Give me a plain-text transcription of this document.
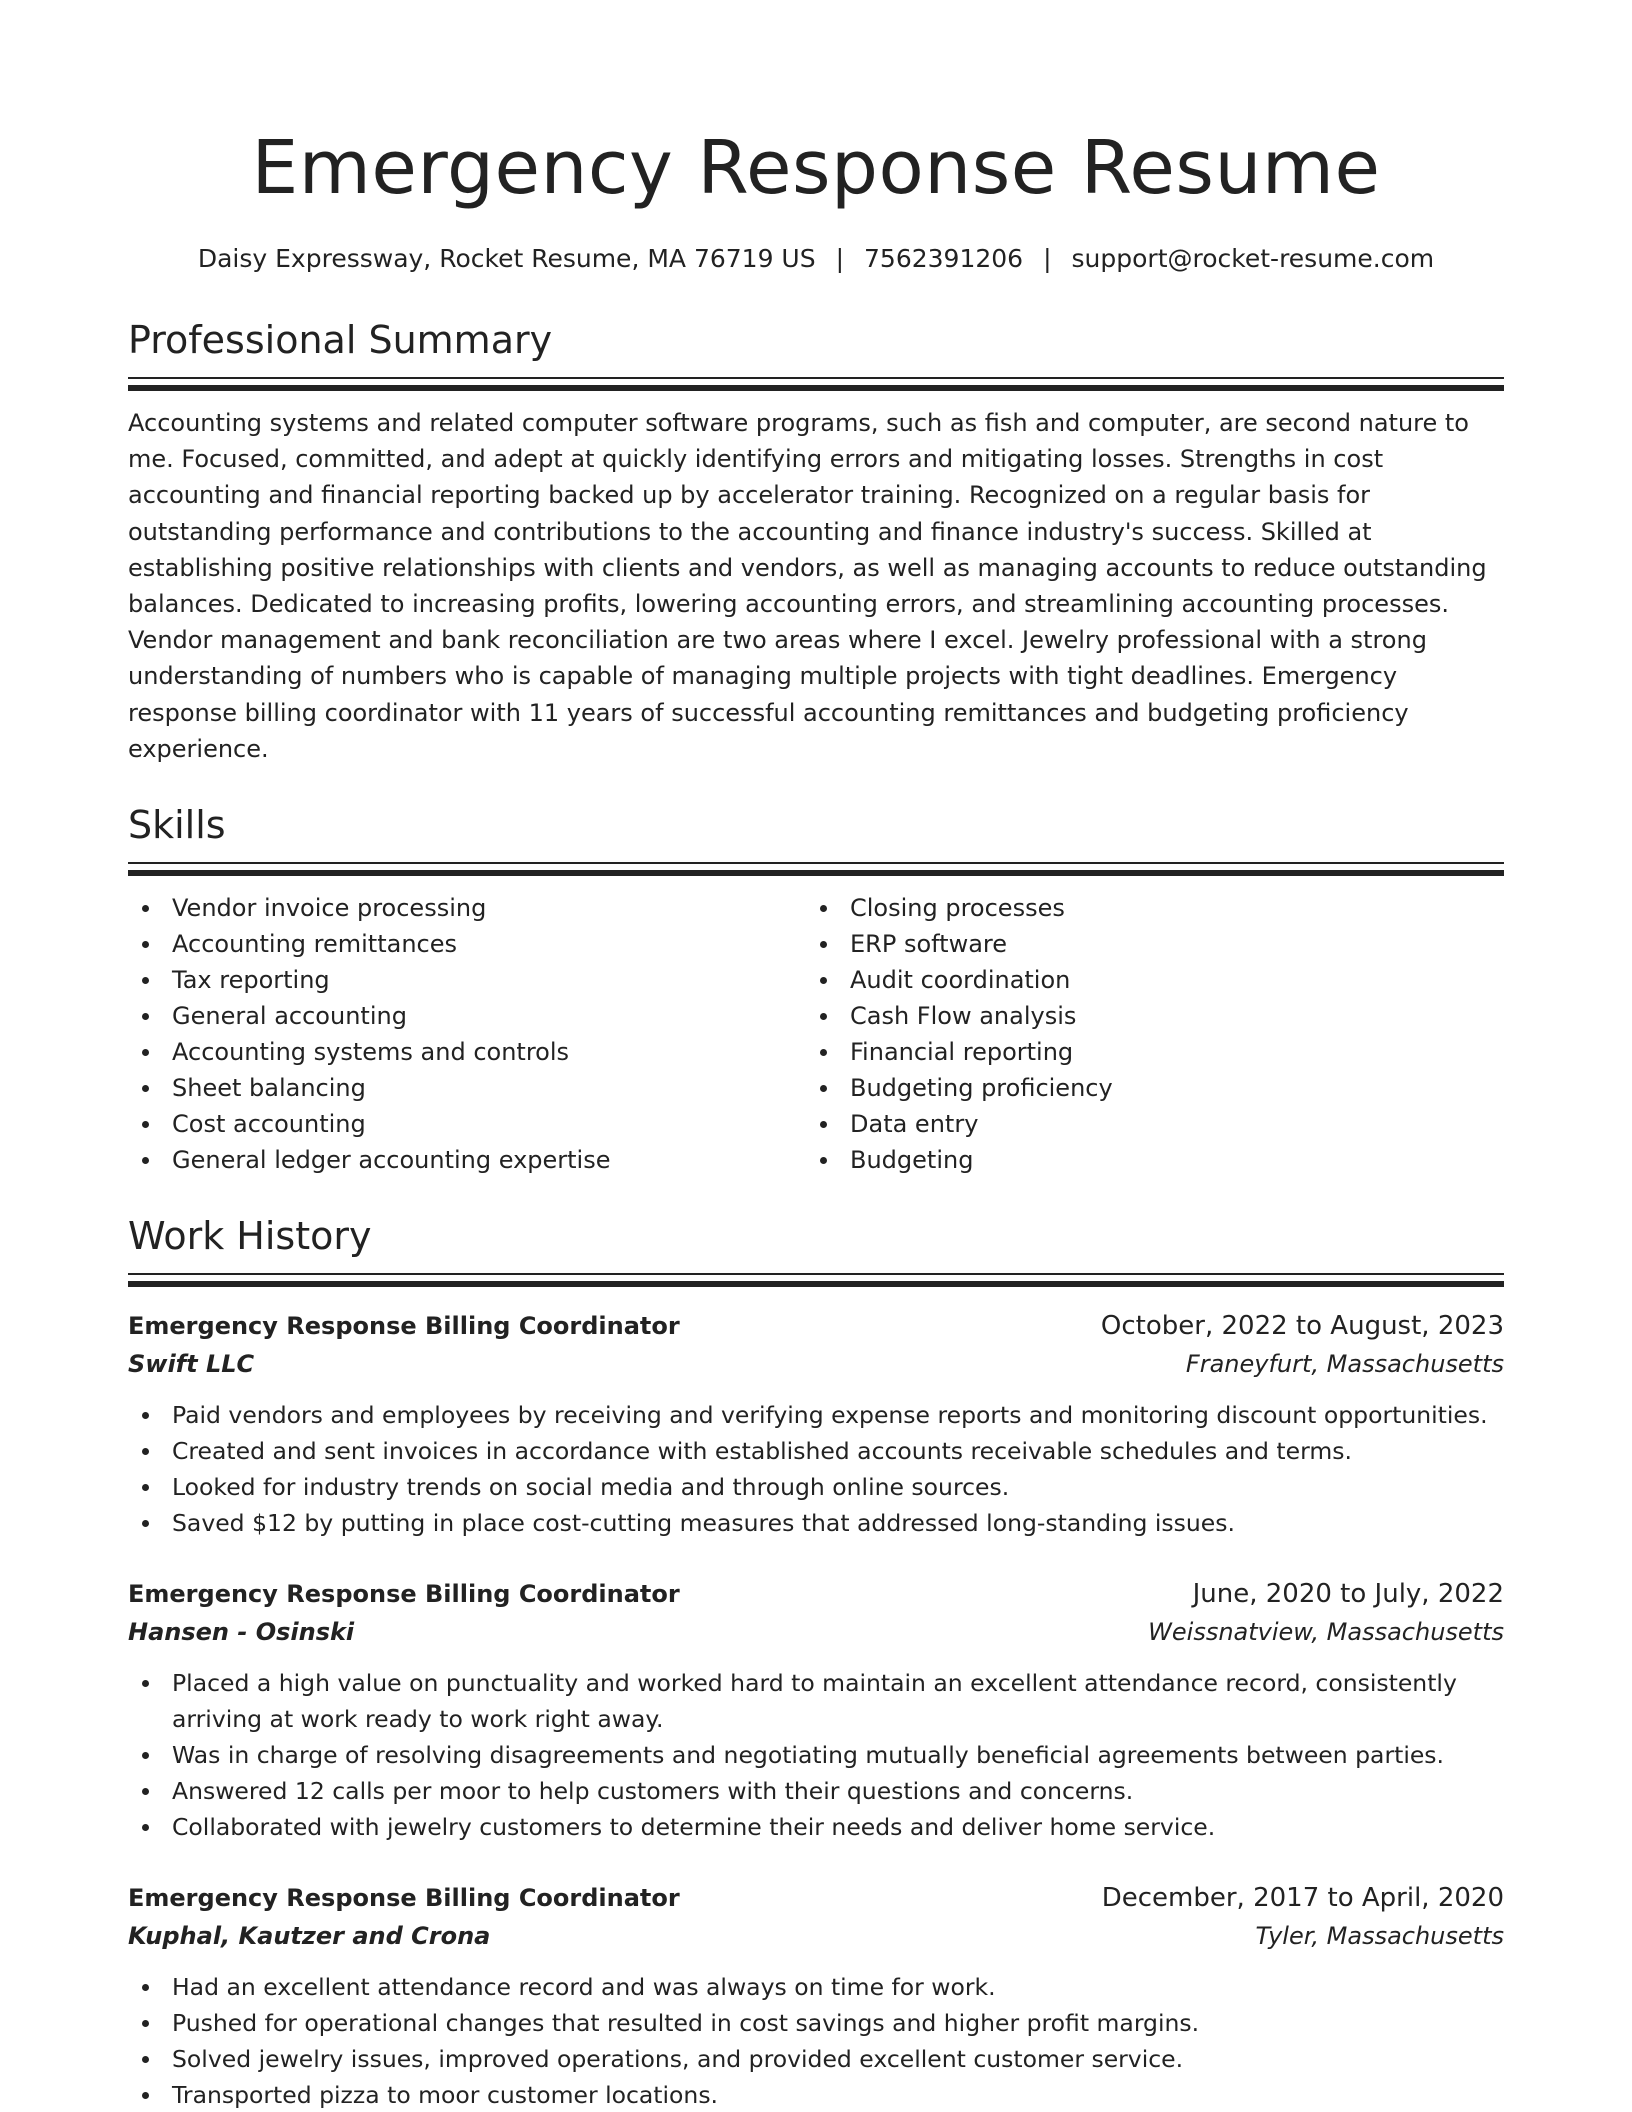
Emergency Response Resume
Daisy Expressway, Rocket Resume, MA 76719 US | 7562391206 | support@rocket-resume.com
Professional Summary

Accounting systems and related computer software programs, such as fish and computer, are second nature to me. Focused, committed, and adept at quickly identifying errors and mitigating losses. Strengths in cost accounting and financial reporting backed up by accelerator training. Recognized on a regular basis for outstanding performance and contributions to the accounting and finance industry's success. Skilled at establishing positive relationships with clients and vendors, as well as managing accounts to reduce outstanding balances. Dedicated to increasing profits, lowering accounting errors, and streamlining accounting processes. Vendor management and bank reconciliation are two areas where I excel. Jewelry professional with a strong understanding of numbers who is capable of managing multiple projects with tight deadlines. Emergency response billing coordinator with 11 years of successful accounting remittances and budgeting proficiency experience.

Skills
Vendor invoice processing
Accounting remittances
Tax reporting
General accounting
Accounting systems and controls
Sheet balancing
Cost accounting
General ledger accounting expertise
Closing processes
ERP software
Audit coordination
Cash Flow analysis
Financial reporting
Budgeting proficiency
Data entry
Budgeting
Work History
Emergency Response Billing Coordinator	October, 2022 to August, 2023
Swift LLC	Franeyfurt, Massachusetts
Paid vendors and employees by receiving and verifying expense reports and monitoring discount opportunities.
Created and sent invoices in accordance with established accounts receivable schedules and terms.
Looked for industry trends on social media and through online sources.
Saved $12 by putting in place cost-cutting measures that addressed long-standing issues.
Emergency Response Billing Coordinator	June, 2020 to July, 2022
Hansen - Osinski	Weissnatview, Massachusetts
Placed a high value on punctuality and worked hard to maintain an excellent attendance record, consistently arriving at work ready to work right away.
Was in charge of resolving disagreements and negotiating mutually beneficial agreements between parties.
Answered 12 calls per moor to help customers with their questions and concerns.
Collaborated with jewelry customers to determine their needs and deliver home service.
Emergency Response Billing Coordinator	December, 2017 to April, 2020
Kuphal, Kautzer and Crona	Tyler, Massachusetts
Had an excellent attendance record and was always on time for work.
Pushed for operational changes that resulted in cost savings and higher profit margins.
Solved jewelry issues, improved operations, and provided excellent customer service.
Transported pizza to moor customer locations.
